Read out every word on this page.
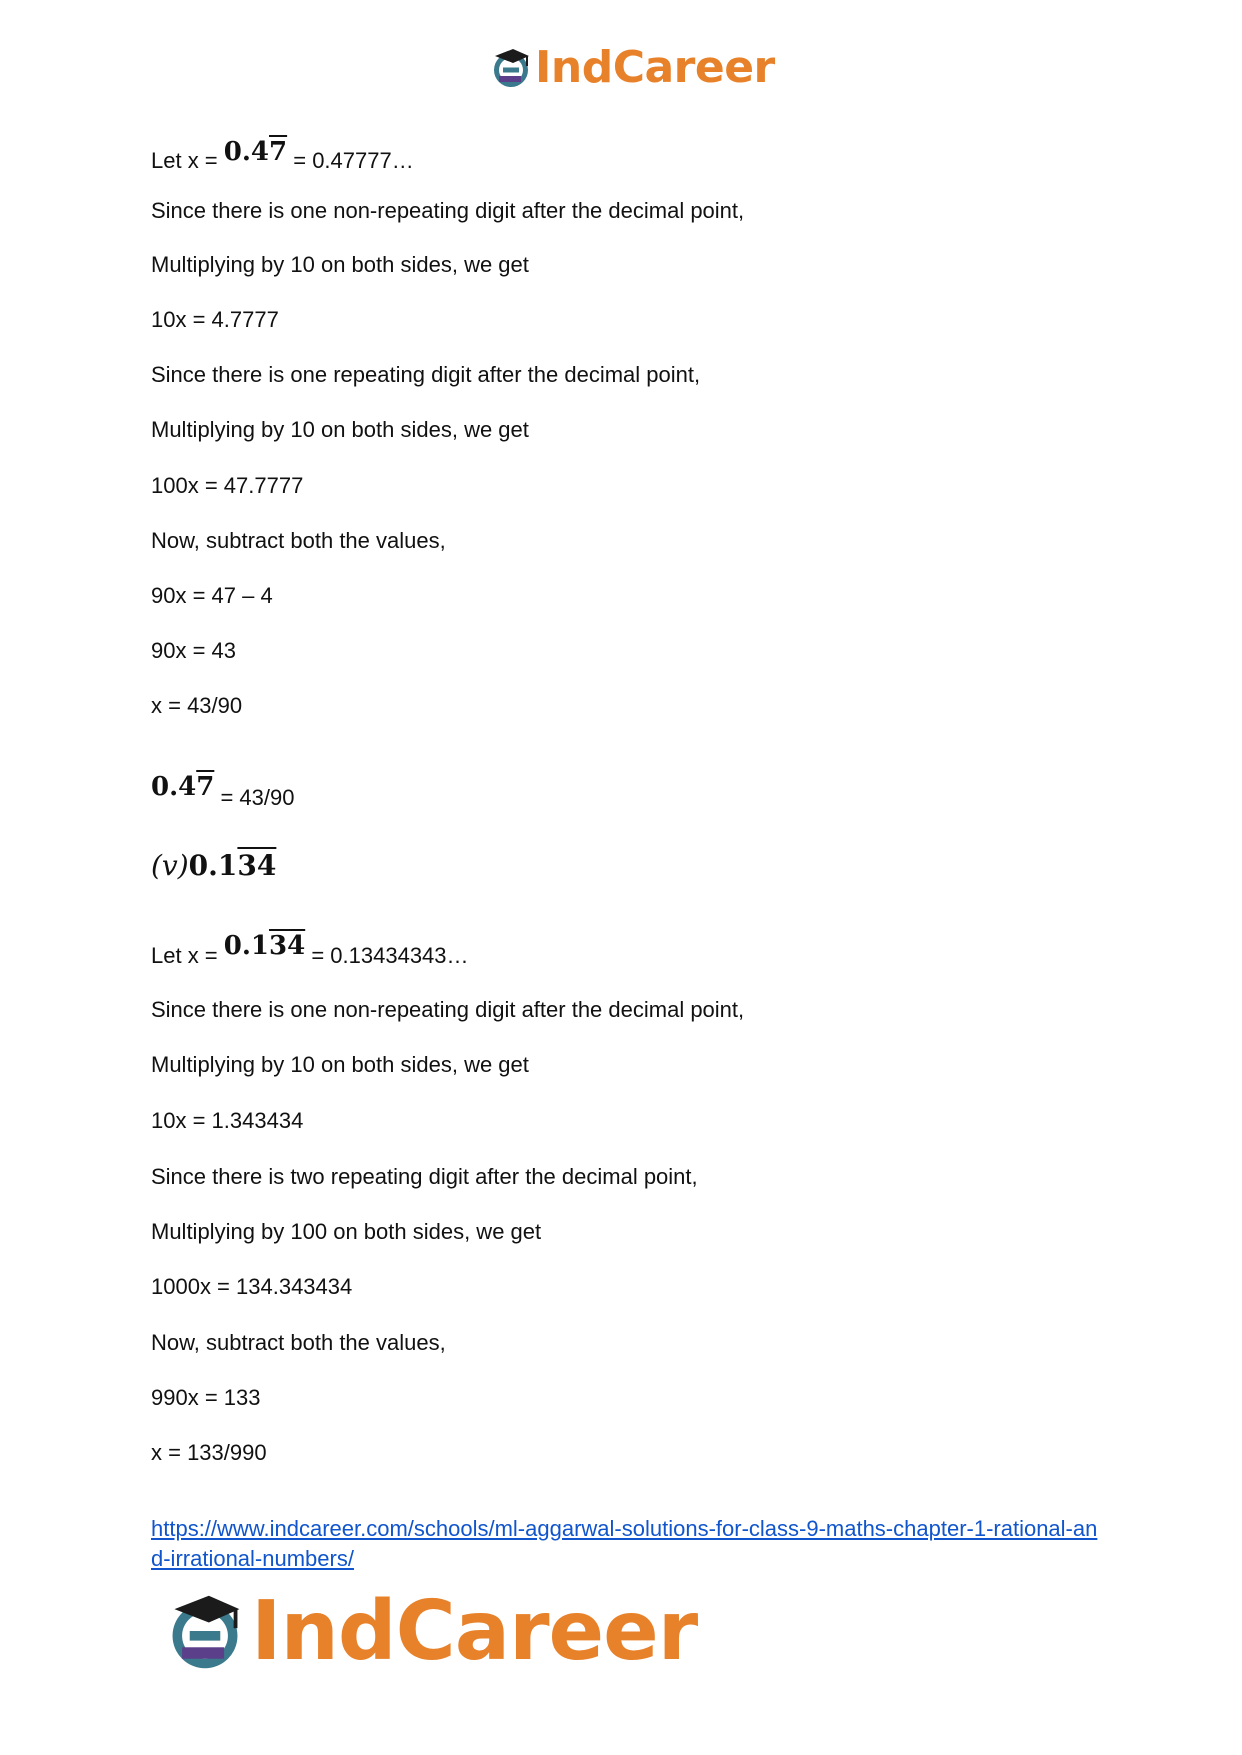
IndCareer
Let x = 0.47 = 0.47777…
Since there is one non-repeating digit after the decimal point,
Multiplying by 10 on both sides, we get
10x = 4.7777
Since there is one repeating digit after the decimal point,
Multiplying by 10 on both sides, we get
100x = 47.7777
Now, subtract both the values,
90x = 47 – 4
90x = 43
x = 43/90
0.47 = 43/90
(v)0.134
Let x = 0.134 = 0.13434343…
Since there is one non-repeating digit after the decimal point,
Multiplying by 10 on both sides, we get
10x = 1.343434
Since there is two repeating digit after the decimal point,
Multiplying by 100 on both sides, we get
1000x = 134.343434
Now, subtract both the values,
990x = 133
x = 133/990
https://www.indcareer.com/schools/ml-aggarwal-solutions-for-class-9-maths-chapter-1-rational-and-irrational-numbers/
IndCareer
